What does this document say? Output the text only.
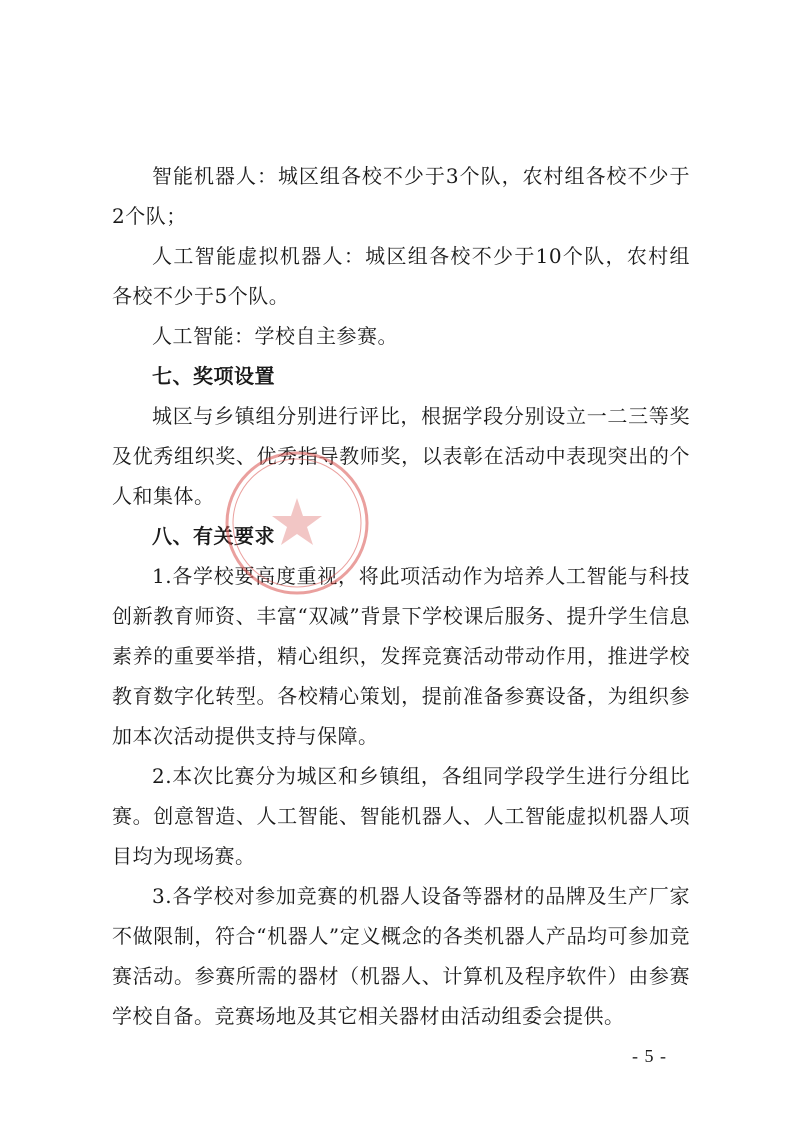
智能机器人：城区组各校不少于3个队，农村组各校不少于2个队；

人工智能虚拟机器人：城区组各校不少于10个队，农村组各校不少于5个队。

人工智能：学校自主参赛。

七、奖项设置

城区与乡镇组分别进行评比，根据学段分别设立一二三等奖及优秀组织奖、优秀指导教师奖，以表彰在活动中表现突出的个人和集体。

八、有关要求

1.各学校要高度重视，将此项活动作为培养人工智能与科技创新教育师资、丰富“双减”背景下学校课后服务、提升学生信息素养的重要举措，精心组织，发挥竞赛活动带动作用，推进学校教育数字化转型。各校精心策划，提前准备参赛设备，为组织参加本次活动提供支持与保障。

2.本次比赛分为城区和乡镇组，各组同学段学生进行分组比赛。创意智造、人工智能、智能机器人、人工智能虚拟机器人项目均为现场赛。

3.各学校对参加竞赛的机器人设备等器材的品牌及生产厂家不做限制，符合“机器人”定义概念的各类机器人产品均可参加竞赛活动。参赛所需的器材（机器人、计算机及程序软件）由参赛学校自备。竞赛场地及其它相关器材由活动组委会提供。

- 5 -
